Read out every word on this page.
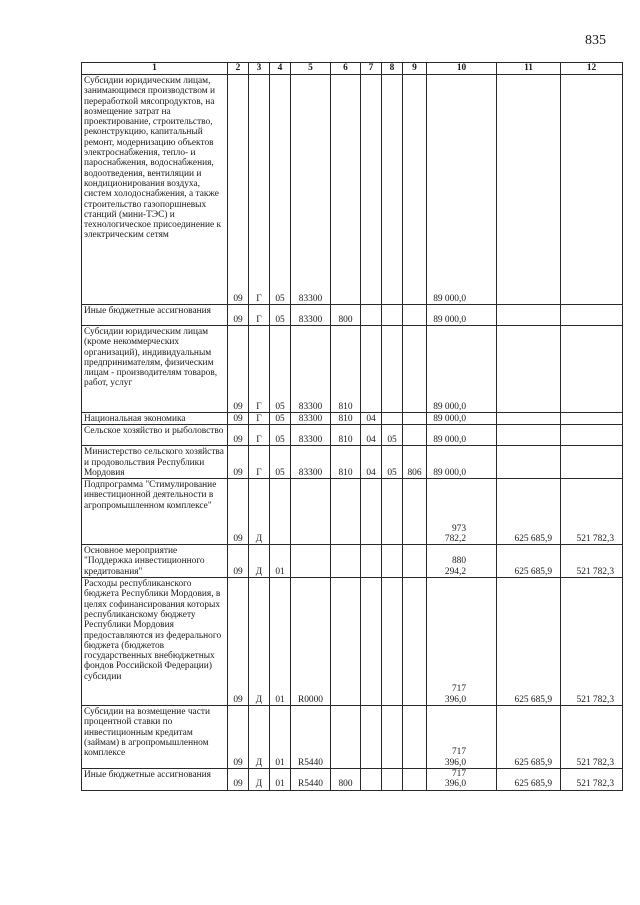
835
1	2	3	4	5	6	7	8	9	10	11	12
Субсидии юридическим лицам, занимающимся производством и переработкой мясопродуктов, на возмещение затрат на проектирование, строительство, реконструкцию, капитальный ремонт, модернизацию объектов электроснабжения, тепло- и пароснабжения, водоснабжения, водоотведения, вентиляции и кондиционирования воздуха, систем холодоснабжения, а также строительство газопоршневых станций (мини-ТЭС) и технологическое присоединение к электрическим сетям	09	Г	05	83300					89 000,0		
Иные бюджетные ассигнования	09	Г	05	83300	800				89 000,0		
Субсидии юридическим лицам (кроме некоммерческих организаций), индивидуальным предпринимателям, физическим лицам - производителям товаров, работ, услуг	09	Г	05	83300	810				89 000,0		
Национальная экономика	09	Г	05	83300	810	04			89 000,0		
Сельское хозяйство и рыболовство	09	Г	05	83300	810	04	05		89 000,0		
Министерство сельского хозяйства и продовольствия Республики Мордовия	09	Г	05	83300	810	04	05	806	89 000,0		
Подпрограмма "Стимулирование инвестиционной деятельности в агропромышленном комплексе"	09	Д							973 782,2	625 685,9	521 782,3
Основное мероприятие "Поддержка инвестиционного кредитования"	09	Д	01						880 294,2	625 685,9	521 782,3
Расходы республиканского бюджета Республики Мордовия, в целях софинансирования которых республиканскому бюджету Республики Мордовия предоставляются из федерального бюджета (бюджетов государственных внебюджетных фондов Российской Федерации) субсидии	09	Д	01	R0000					717 396,0	625 685,9	521 782,3
Субсидии на возмещение части процентной ставки по инвестиционным кредитам (займам) в агропромышленном комплексе	09	Д	01	R5440					717 396,0	625 685,9	521 782,3
Иные бюджетные ассигнования	09	Д	01	R5440	800				717 396,0	625 685,9	521 782,3
